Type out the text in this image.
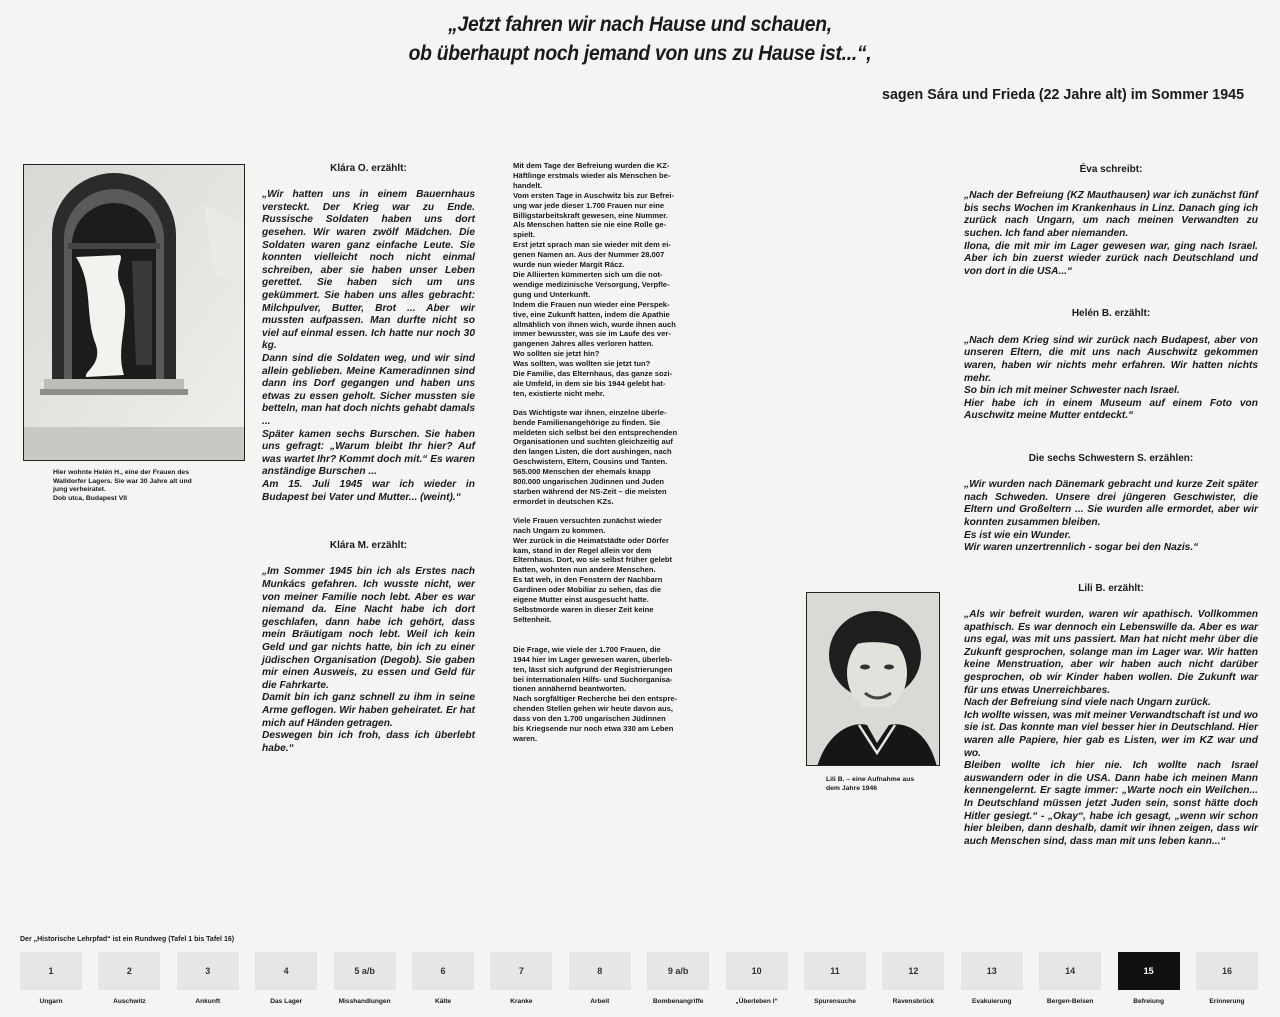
„Jetzt fahren wir nach Hause und schauen,
ob überhaupt noch jemand von uns zu Hause ist...“,
sagen Sára und Frieda (22 Jahre alt) im Sommer 1945
Hier wohnte Helén H., eine der Frauen des
Walldorfer Lagers. Sie war 30 Jahre alt und
jung verheiratet.
Dob utca, Budapest VII
Klára O. erzählt:
„Wir hatten uns in einem Bauernhaus versteckt. Der Krieg war zu Ende. Russische Soldaten haben uns dort gesehen. Wir waren zwölf Mädchen. Die Soldaten waren ganz einfache Leute. Sie konnten vielleicht noch nicht einmal schreiben, aber sie haben unser Leben gerettet. Sie haben sich um uns gekümmert. Sie haben uns alles gebracht: Milchpulver, Butter, Brot ... Aber wir mussten aufpassen. Man durfte nicht so viel auf einmal essen. Ich hatte nur noch 30 kg.
Dann sind die Soldaten weg, und wir sind allein geblieben. Meine Kameradinnen sind dann ins Dorf gegangen und haben uns etwas zu essen geholt. Sicher mussten sie betteln, man hat doch nichts gehabt damals ...
Später kamen sechs Burschen. Sie haben uns gefragt: „Warum bleibt Ihr hier? Auf was wartet Ihr? Kommt doch mit.“ Es waren anständige Burschen ...
Am 15. Juli 1945 war ich wieder in Budapest bei Vater und Mutter... (weint).“
Klára M. erzählt:
„Im Sommer 1945 bin ich als Erstes nach Munkács gefahren. Ich wusste nicht, wer von meiner Familie noch lebt. Aber es war niemand da. Eine Nacht habe ich dort geschlafen, dann habe ich gehört, dass mein Bräutigam noch lebt. Weil ich kein Geld und gar nichts hatte, bin ich zu einer jüdischen Organisation (Degob). Sie gaben mir einen Ausweis, zu essen und Geld für die Fahrkarte.
Damit bin ich ganz schnell zu ihm in seine Arme geflogen. Wir haben geheiratet. Er hat mich auf Händen getragen.
Deswegen bin ich froh, dass ich überlebt habe.“
Mit dem Tage der Befreiung wurden die KZ-
Häftlinge erstmals wieder als Menschen be-
handelt.
Vom ersten Tage in Auschwitz bis zur Befrei-
ung war jede dieser 1.700 Frauen nur eine
Billigstarbeitskraft gewesen, eine Nummer.
Als Menschen hatten sie nie eine Rolle ge-
spielt.
Erst jetzt sprach man sie wieder mit dem ei-
genen Namen an. Aus der Nummer 28.007
wurde nun wieder Margit Rácz.
Die Alliierten kümmerten sich um die not-
wendige medizinische Versorgung, Verpfle-
gung und Unterkunft.
Indem die Frauen nun wieder eine Perspek-
tive, eine Zukunft hatten, indem die Apathie
allmählich von ihnen wich, wurde ihnen auch
immer bewusster, was sie im Laufe des ver-
gangenen Jahres alles verloren hatten.
Wo sollten sie jetzt hin?
Was sollten, was wollten sie jetzt tun?
Die Familie, das Elternhaus, das ganze sozi-
ale Umfeld, in dem sie bis 1944 gelebt hat-
ten, existierte nicht mehr.
Das Wichtigste war ihnen, einzelne überle-
bende Familienangehörige zu finden. Sie
meldeten sich selbst bei den entsprechenden
Organisationen und suchten gleichzeitig auf
den langen Listen, die dort aushingen, nach
Geschwistern, Eltern, Cousins und Tanten.
565.000 Menschen der ehemals knapp
800.000 ungarischen Jüdinnen und Juden
starben während der NS-Zeit – die meisten
ermordet in deutschen KZs.
Viele Frauen versuchten zunächst wieder
nach Ungarn zu kommen.
Wer zurück in die Heimatstädte oder Dörfer
kam, stand in der Regel allein vor dem
Elternhaus. Dort, wo sie selbst früher gelebt
hatten, wohnten nun andere Menschen.
Es tat weh, in den Fenstern der Nachbarn
Gardinen oder Mobiliar zu sehen, das die
eigene Mutter einst ausgesucht hatte.
Selbstmorde waren in dieser Zeit keine
Seltenheit.
Die Frage, wie viele der 1.700 Frauen, die
1944 hier im Lager gewesen waren, überleb-
ten, lässt sich aufgrund der Registrierungen
bei internationalen Hilfs- und Suchorganisa-
tionen annähernd beantworten.
Nach sorgfältiger Recherche bei den entspre-
chenden Stellen gehen wir heute davon aus,
dass von den 1.700 ungarischen Jüdinnen
bis Kriegsende nur noch etwa 330 am Leben
waren.
Éva schreibt:
„Nach der Befreiung (KZ Mauthausen) war ich zunächst fünf bis sechs Wochen im Krankenhaus in Linz. Danach ging ich zurück nach Ungarn, um nach meinen Verwandten zu suchen. Ich fand aber niemanden.
Ilona, die mit mir im Lager gewesen war, ging nach Israel. Aber ich bin zuerst wieder zurück nach Deutschland und von dort in die USA...“
Helén B. erzählt:
„Nach dem Krieg sind wir zurück nach Budapest, aber von unseren Eltern, die mit uns nach Auschwitz gekommen waren, haben wir nichts mehr erfahren. Wir hatten nichts mehr.
So bin ich mit meiner Schwester nach Israel.
Hier habe ich in einem Museum auf einem Foto von Auschwitz meine Mutter entdeckt.“
Die sechs Schwestern S. erzählen:
„Wir wurden nach Dänemark gebracht und kurze Zeit später nach Schweden. Unsere drei jüngeren Geschwister, die Eltern und Großeltern ... Sie wurden alle ermordet, aber wir konnten zusammen bleiben.
Es ist wie ein Wunder.
Wir waren unzertrennlich - sogar bei den Nazis.“
Lili B. erzählt:
„Als wir befreit wurden, waren wir apathisch. Vollkommen apathisch. Es war dennoch ein Lebenswille da. Aber es war uns egal, was mit uns passiert. Man hat nicht mehr über die Zukunft gesprochen, solange man im Lager war. Wir hatten keine Menstruation, aber wir haben auch nicht darüber gesprochen, ob wir Kinder haben wollen. Die Zukunft war für uns etwas Unerreichbares.
Nach der Befreiung sind viele nach Ungarn zurück.
Ich wollte wissen, was mit meiner Verwandtschaft ist und wo sie ist. Das konnte man viel besser hier in Deutschland. Hier waren alle Papiere, hier gab es Listen, wer im KZ war und wo.
Bleiben wollte ich hier nie. Ich wollte nach Israel auswandern oder in die USA. Dann habe ich meinen Mann kennengelernt. Er sagte immer: „Warte noch ein Weilchen... In Deutschland müssen jetzt Juden sein, sonst hätte doch Hitler gesiegt.“ - „Okay“, habe ich gesagt, „wenn wir schon hier bleiben, dann deshalb, damit wir ihnen zeigen, dass wir auch Menschen sind, dass man mit uns leben kann...“
Lili B. – eine Aufnahme aus
dem Jahre 1946
Der „Historische Lehrpfad“ ist ein Rundweg (Tafel 1 bis Tafel 16)
1
Ungarn
2
Auschwitz
3
Ankunft
4
Das Lager
5 a/b
Misshandlungen
6
Kälte
7
Kranke
8
Arbeit
9 a/b
Bombenangriffe
10
„Überleben I“
11
Spurensuche
12
Ravensbrück
13
Evakuierung
14
Bergen-Belsen
15
Befreiung
16
Erinnerung
